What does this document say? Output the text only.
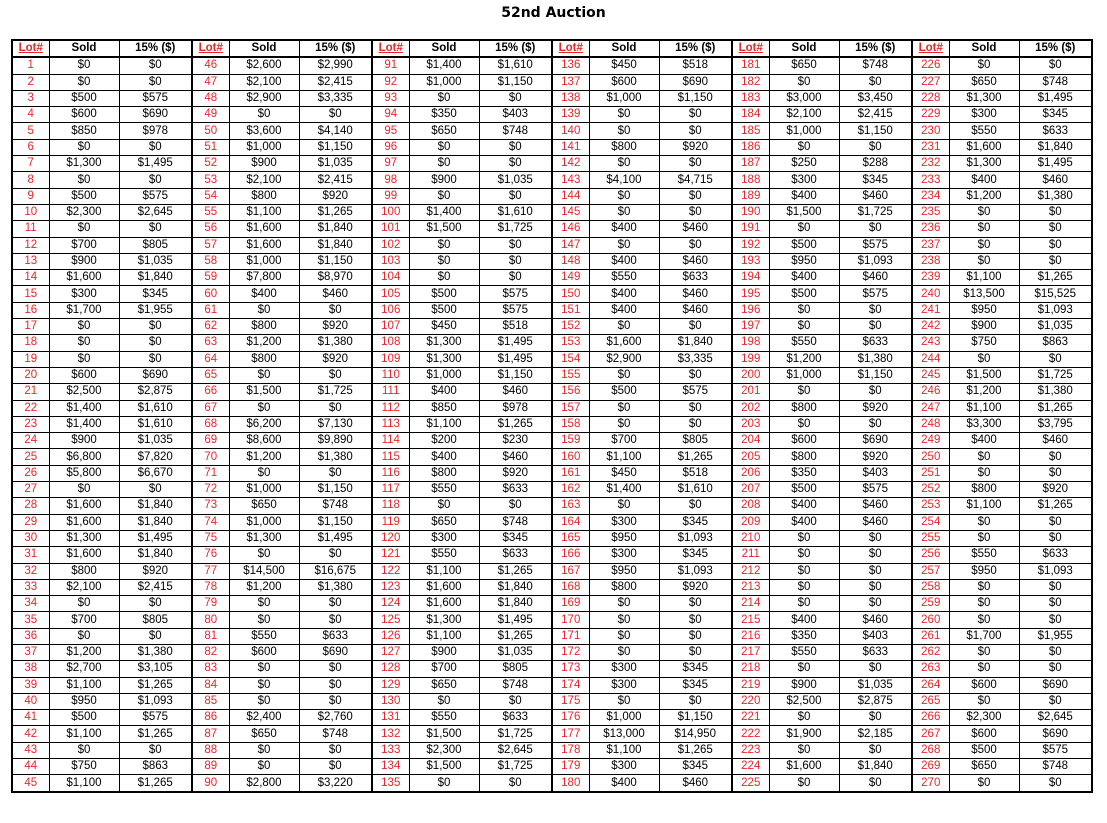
52nd Auction
Lot#	Sold	15% ($)
1	$0	$0
2	$0	$0
3	$500	$575
4	$600	$690
5	$850	$978
6	$0	$0
7	$1,300	$1,495
8	$0	$0
9	$500	$575
10	$2,300	$2,645
11	$0	$0
12	$700	$805
13	$900	$1,035
14	$1,600	$1,840
15	$300	$345
16	$1,700	$1,955
17	$0	$0
18	$0	$0
19	$0	$0
20	$600	$690
21	$2,500	$2,875
22	$1,400	$1,610
23	$1,400	$1,610
24	$900	$1,035
25	$6,800	$7,820
26	$5,800	$6,670
27	$0	$0
28	$1,600	$1,840
29	$1,600	$1,840
30	$1,300	$1,495
31	$1,600	$1,840
32	$800	$920
33	$2,100	$2,415
34	$0	$0
35	$700	$805
36	$0	$0
37	$1,200	$1,380
38	$2,700	$3,105
39	$1,100	$1,265
40	$950	$1,093
41	$500	$575
42	$1,100	$1,265
43	$0	$0
44	$750	$863
45	$1,100	$1,265
Lot#	Sold	15% ($)
46	$2,600	$2,990
47	$2,100	$2,415
48	$2,900	$3,335
49	$0	$0
50	$3,600	$4,140
51	$1,000	$1,150
52	$900	$1,035
53	$2,100	$2,415
54	$800	$920
55	$1,100	$1,265
56	$1,600	$1,840
57	$1,600	$1,840
58	$1,000	$1,150
59	$7,800	$8,970
60	$400	$460
61	$0	$0
62	$800	$920
63	$1,200	$1,380
64	$800	$920
65	$0	$0
66	$1,500	$1,725
67	$0	$0
68	$6,200	$7,130
69	$8,600	$9,890
70	$1,200	$1,380
71	$0	$0
72	$1,000	$1,150
73	$650	$748
74	$1,000	$1,150
75	$1,300	$1,495
76	$0	$0
77	$14,500	$16,675
78	$1,200	$1,380
79	$0	$0
80	$0	$0
81	$550	$633
82	$600	$690
83	$0	$0
84	$0	$0
85	$0	$0
86	$2,400	$2,760
87	$650	$748
88	$0	$0
89	$0	$0
90	$2,800	$3,220
Lot#	Sold	15% ($)
91	$1,400	$1,610
92	$1,000	$1,150
93	$0	$0
94	$350	$403
95	$650	$748
96	$0	$0
97	$0	$0
98	$900	$1,035
99	$0	$0
100	$1,400	$1,610
101	$1,500	$1,725
102	$0	$0
103	$0	$0
104	$0	$0
105	$500	$575
106	$500	$575
107	$450	$518
108	$1,300	$1,495
109	$1,300	$1,495
110	$1,000	$1,150
111	$400	$460
112	$850	$978
113	$1,100	$1,265
114	$200	$230
115	$400	$460
116	$800	$920
117	$550	$633
118	$0	$0
119	$650	$748
120	$300	$345
121	$550	$633
122	$1,100	$1,265
123	$1,600	$1,840
124	$1,600	$1,840
125	$1,300	$1,495
126	$1,100	$1,265
127	$900	$1,035
128	$700	$805
129	$650	$748
130	$0	$0
131	$550	$633
132	$1,500	$1,725
133	$2,300	$2,645
134	$1,500	$1,725
135	$0	$0
Lot#	Sold	15% ($)
136	$450	$518
137	$600	$690
138	$1,000	$1,150
139	$0	$0
140	$0	$0
141	$800	$920
142	$0	$0
143	$4,100	$4,715
144	$0	$0
145	$0	$0
146	$400	$460
147	$0	$0
148	$400	$460
149	$550	$633
150	$400	$460
151	$400	$460
152	$0	$0
153	$1,600	$1,840
154	$2,900	$3,335
155	$0	$0
156	$500	$575
157	$0	$0
158	$0	$0
159	$700	$805
160	$1,100	$1,265
161	$450	$518
162	$1,400	$1,610
163	$0	$0
164	$300	$345
165	$950	$1,093
166	$300	$345
167	$950	$1,093
168	$800	$920
169	$0	$0
170	$0	$0
171	$0	$0
172	$0	$0
173	$300	$345
174	$300	$345
175	$0	$0
176	$1,000	$1,150
177	$13,000	$14,950
178	$1,100	$1,265
179	$300	$345
180	$400	$460
Lot#	Sold	15% ($)
181	$650	$748
182	$0	$0
183	$3,000	$3,450
184	$2,100	$2,415
185	$1,000	$1,150
186	$0	$0
187	$250	$288
188	$300	$345
189	$400	$460
190	$1,500	$1,725
191	$0	$0
192	$500	$575
193	$950	$1,093
194	$400	$460
195	$500	$575
196	$0	$0
197	$0	$0
198	$550	$633
199	$1,200	$1,380
200	$1,000	$1,150
201	$0	$0
202	$800	$920
203	$0	$0
204	$600	$690
205	$800	$920
206	$350	$403
207	$500	$575
208	$400	$460
209	$400	$460
210	$0	$0
211	$0	$0
212	$0	$0
213	$0	$0
214	$0	$0
215	$400	$460
216	$350	$403
217	$550	$633
218	$0	$0
219	$900	$1,035
220	$2,500	$2,875
221	$0	$0
222	$1,900	$2,185
223	$0	$0
224	$1,600	$1,840
225	$0	$0
Lot#	Sold	15% ($)
226	$0	$0
227	$650	$748
228	$1,300	$1,495
229	$300	$345
230	$550	$633
231	$1,600	$1,840
232	$1,300	$1,495
233	$400	$460
234	$1,200	$1,380
235	$0	$0
236	$0	$0
237	$0	$0
238	$0	$0
239	$1,100	$1,265
240	$13,500	$15,525
241	$950	$1,093
242	$900	$1,035
243	$750	$863
244	$0	$0
245	$1,500	$1,725
246	$1,200	$1,380
247	$1,100	$1,265
248	$3,300	$3,795
249	$400	$460
250	$0	$0
251	$0	$0
252	$800	$920
253	$1,100	$1,265
254	$0	$0
255	$0	$0
256	$550	$633
257	$950	$1,093
258	$0	$0
259	$0	$0
260	$0	$0
261	$1,700	$1,955
262	$0	$0
263	$0	$0
264	$600	$690
265	$0	$0
266	$2,300	$2,645
267	$600	$690
268	$500	$575
269	$650	$748
270	$0	$0
